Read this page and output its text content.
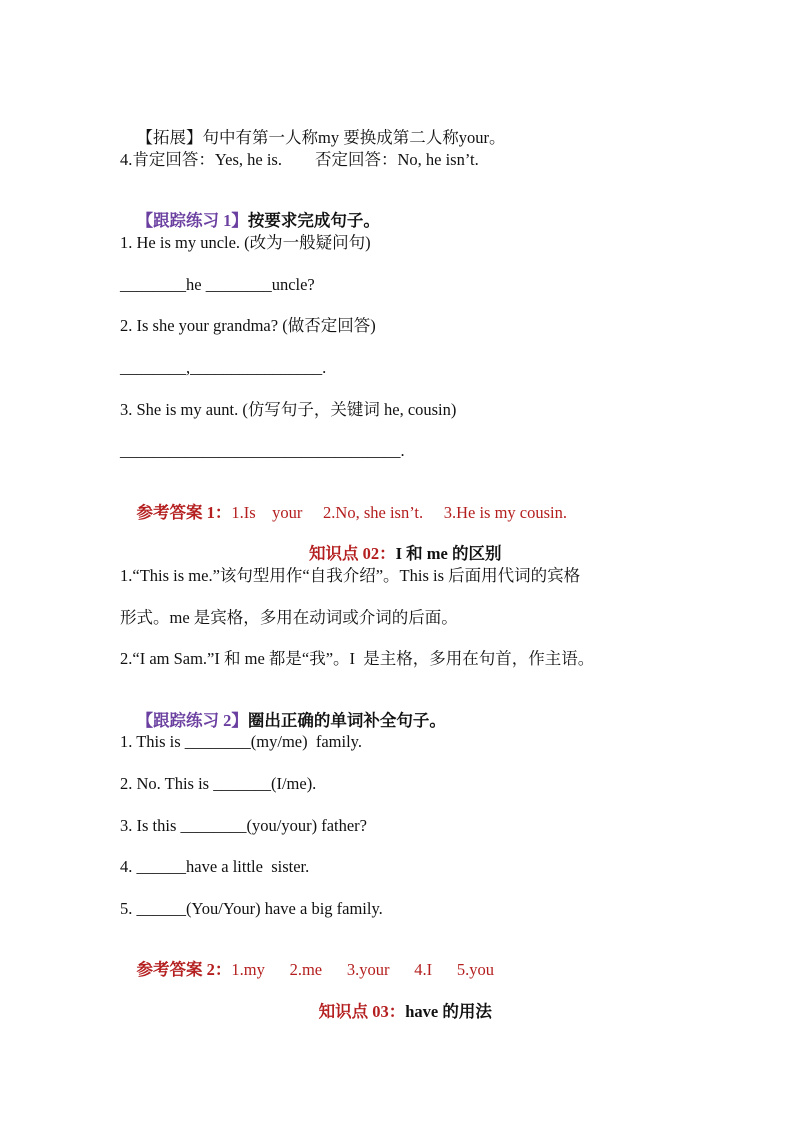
【拓展】句中有第一人称my 要换成第二人称your。

4.肯定回答：Yes, he is.        否定回答：No, he isn’t.

【跟踪练习 1】按要求完成句子。

1. He is my uncle. (改为一般疑问句)
________he ________uncle?
2. Is she your grandma? (做否定回答)
________,________________.
3. She is my aunt. (仿写句子，关键词 he, cousin)
__________________________________.

参考答案 1：1.Is    your     2.No, she isn’t.     3.He is my cousin.

知识点 02：I 和 me 的区别

1.“This is me.”该句型用作“自我介绍”。This is 后面用代词的宾格
形式。me 是宾格，多用在动词或介词的后面。
2.“I am Sam.”I 和 me 都是“我”。I  是主格，多用在句首，作主语。

【跟踪练习 2】圈出正确的单词补全句子。

1. This is ________(my/me)  family.
2. No. This is _______(I/me).
3. Is this ________(you/your) father?
4. ______have a little  sister.
5. ______(You/Your) have a big family.

参考答案 2：1.my      2.me      3.your      4.I      5.you

知识点 03：have 的用法
